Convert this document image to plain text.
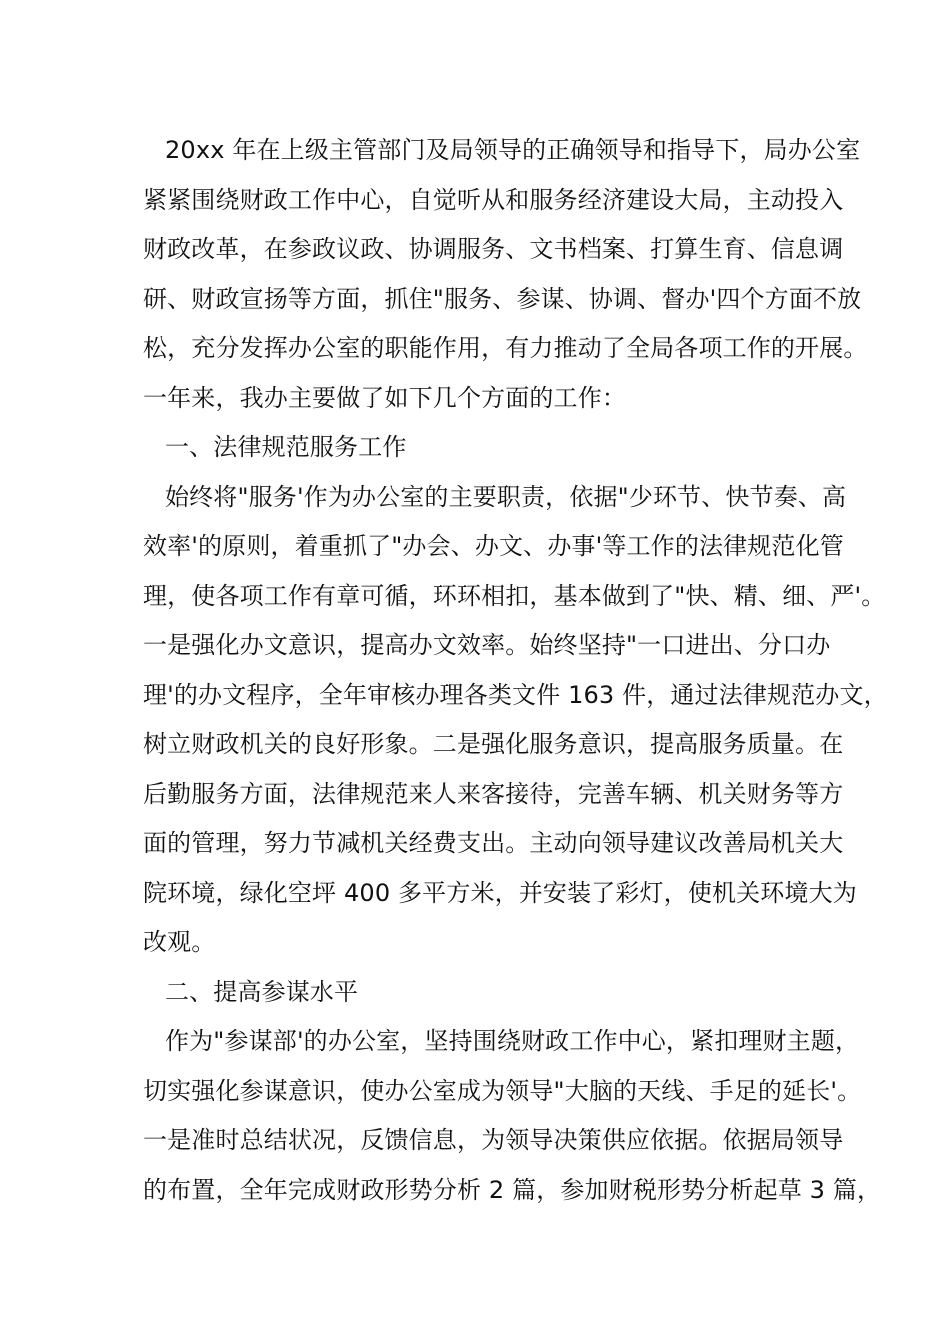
20xx 年在上级主管部门及局领导的正确领导和指导下，局办公室
紧紧围绕财政工作中心，自觉听从和服务经济建设大局，主动投入
财政改革，在参政议政、协调服务、文书档案、打算生育、信息调
研、财政宣扬等方面，抓住"服务、参谋、协调、督办'四个方面不放
松，充分发挥办公室的职能作用，有力推动了全局各项工作的开展。
一年来，我办主要做了如下几个方面的工作：
一、法律规范服务工作
始终将"服务'作为办公室的主要职责，依据"少环节、快节奏、高
效率'的原则，着重抓了"办会、办文、办事'等工作的法律规范化管
理，使各项工作有章可循，环环相扣，基本做到了"快、精、细、严'。
一是强化办文意识，提高办文效率。始终坚持"一口进出、分口办
理'的办文程序，全年审核办理各类文件 163 件，通过法律规范办文，
树立财政机关的良好形象。二是强化服务意识，提高服务质量。在
后勤服务方面，法律规范来人来客接待，完善车辆、机关财务等方
面的管理，努力节减机关经费支出。主动向领导建议改善局机关大
院环境，绿化空坪 400 多平方米，并安装了彩灯，使机关环境大为
改观。
二、提高参谋水平
作为"参谋部'的办公室，坚持围绕财政工作中心，紧扣理财主题，
切实强化参谋意识，使办公室成为领导"大脑的天线、手足的延长'。
一是准时总结状况，反馈信息，为领导决策供应依据。依据局领导
的布置，全年完成财政形势分析 2 篇，参加财税形势分析起草 3 篇，
